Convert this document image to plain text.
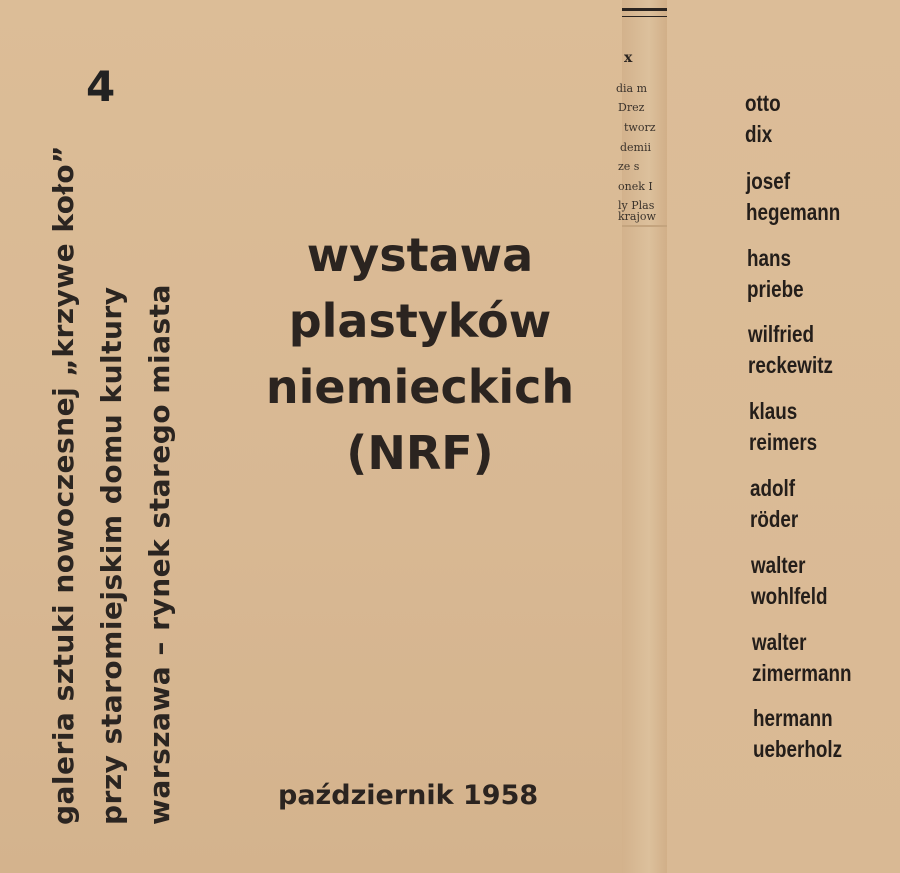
4
galeria sztuki nowoczesnej „krzywe koło” przy staromiejskim domu kultury warszawa – rynek starego miasta
wystawa
plastyków
niemieckich
(NRF)
październik 1958
x
dia m
Drez
tworz
demii
ze s
onek I
ly Plas
krajow
otto
dix
josef
hegemann
hans
priebe
wilfried
reckewitz
klaus
reimers
adolf
röder
walter
wohlfeld
walter
zimermann
hermann
ueberholz
